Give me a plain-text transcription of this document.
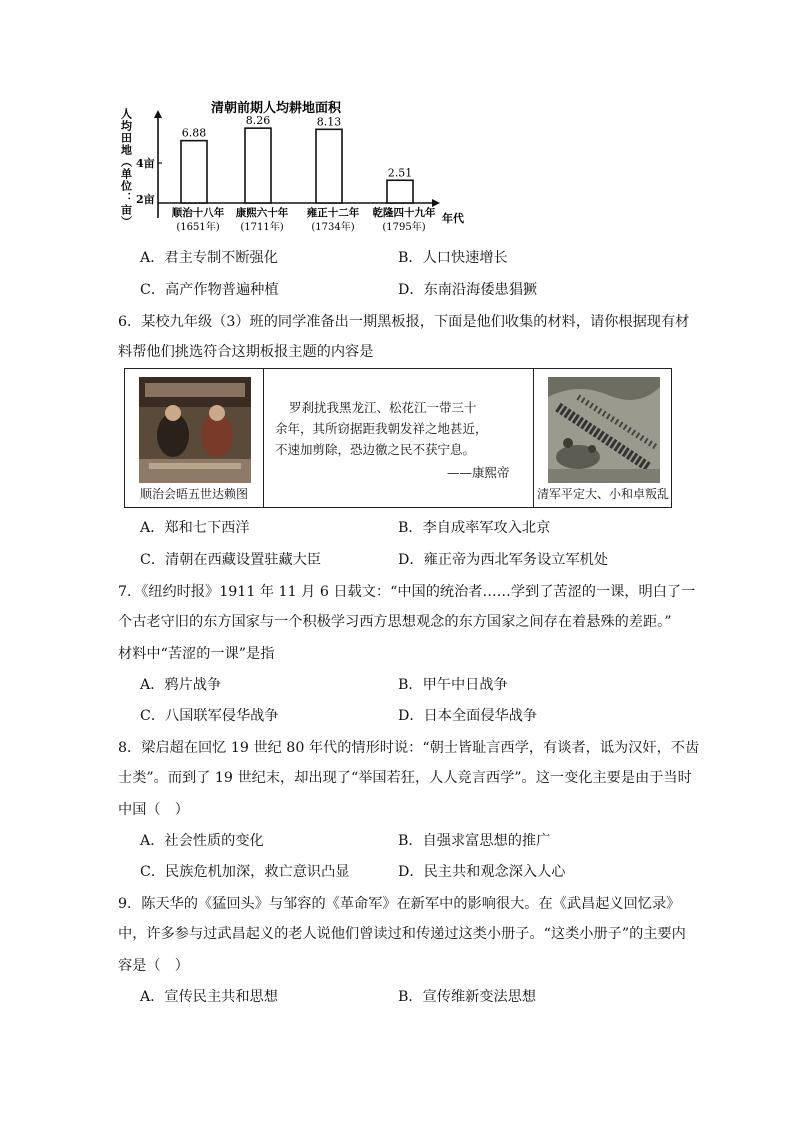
清朝前期人均耕地面积
人均田地（单位：亩）	年代
4亩
2亩
6.88
顺治十八年
(1651年)
8.26
康熙六十年
(1711年)
8.13
雍正十二年
(1734年)
2.51
乾隆四十九年
(1795年)
A．君主专制不断强化	B．人口快速增长
C．高产作物普遍种植	D．东南沿海倭患猖獗
6．某校九年级（3）班的同学准备出一期黑板报，下面是他们收集的材料，请你根据现有材
料帮他们挑选符合这期板报主题的内容是
顺治会晤五世达赖图
罗刹扰我黑龙江、松花江一带三十
余年，其所窃据距我朝发祥之地甚近，
不速加剪除，恐边徼之民不获宁息。
——康熙帝
清军平定大、小和卓叛乱
A．郑和七下西洋	B．李自成率军攻入北京
C．清朝在西藏设置驻藏大臣	D．雍正帝为西北军务设立军机处
7．《纽约时报》1911 年 11 月 6 日载文：“中国的统治者……学到了苦涩的一课，明白了一
个古老守旧的东方国家与一个积极学习西方思想观念的东方国家之间存在着悬殊的差距。”
材料中“苦涩的一课”是指
A．鸦片战争	B．甲午中日战争
C．八国联军侵华战争	D．日本全面侵华战争
8．梁启超在回忆 19 世纪 80 年代的情形时说：“朝士皆耻言西学，有谈者，诋为汉奸，不齿
士类”。而到了 19 世纪末，却出现了“举国若狂，人人竞言西学”。这一变化主要是由于当时
中国（　）
A．社会性质的变化	B．自强求富思想的推广
C．民族危机加深，救亡意识凸显	D．民主共和观念深入人心
9．陈天华的《猛回头》与邹容的《革命军》在新军中的影响很大。在《武昌起义回忆录》
中，许多参与过武昌起义的老人说他们曾读过和传递过这类小册子。“这类小册子”的主要内
容是（　）
A．宣传民主共和思想	B．宣传维新变法思想
